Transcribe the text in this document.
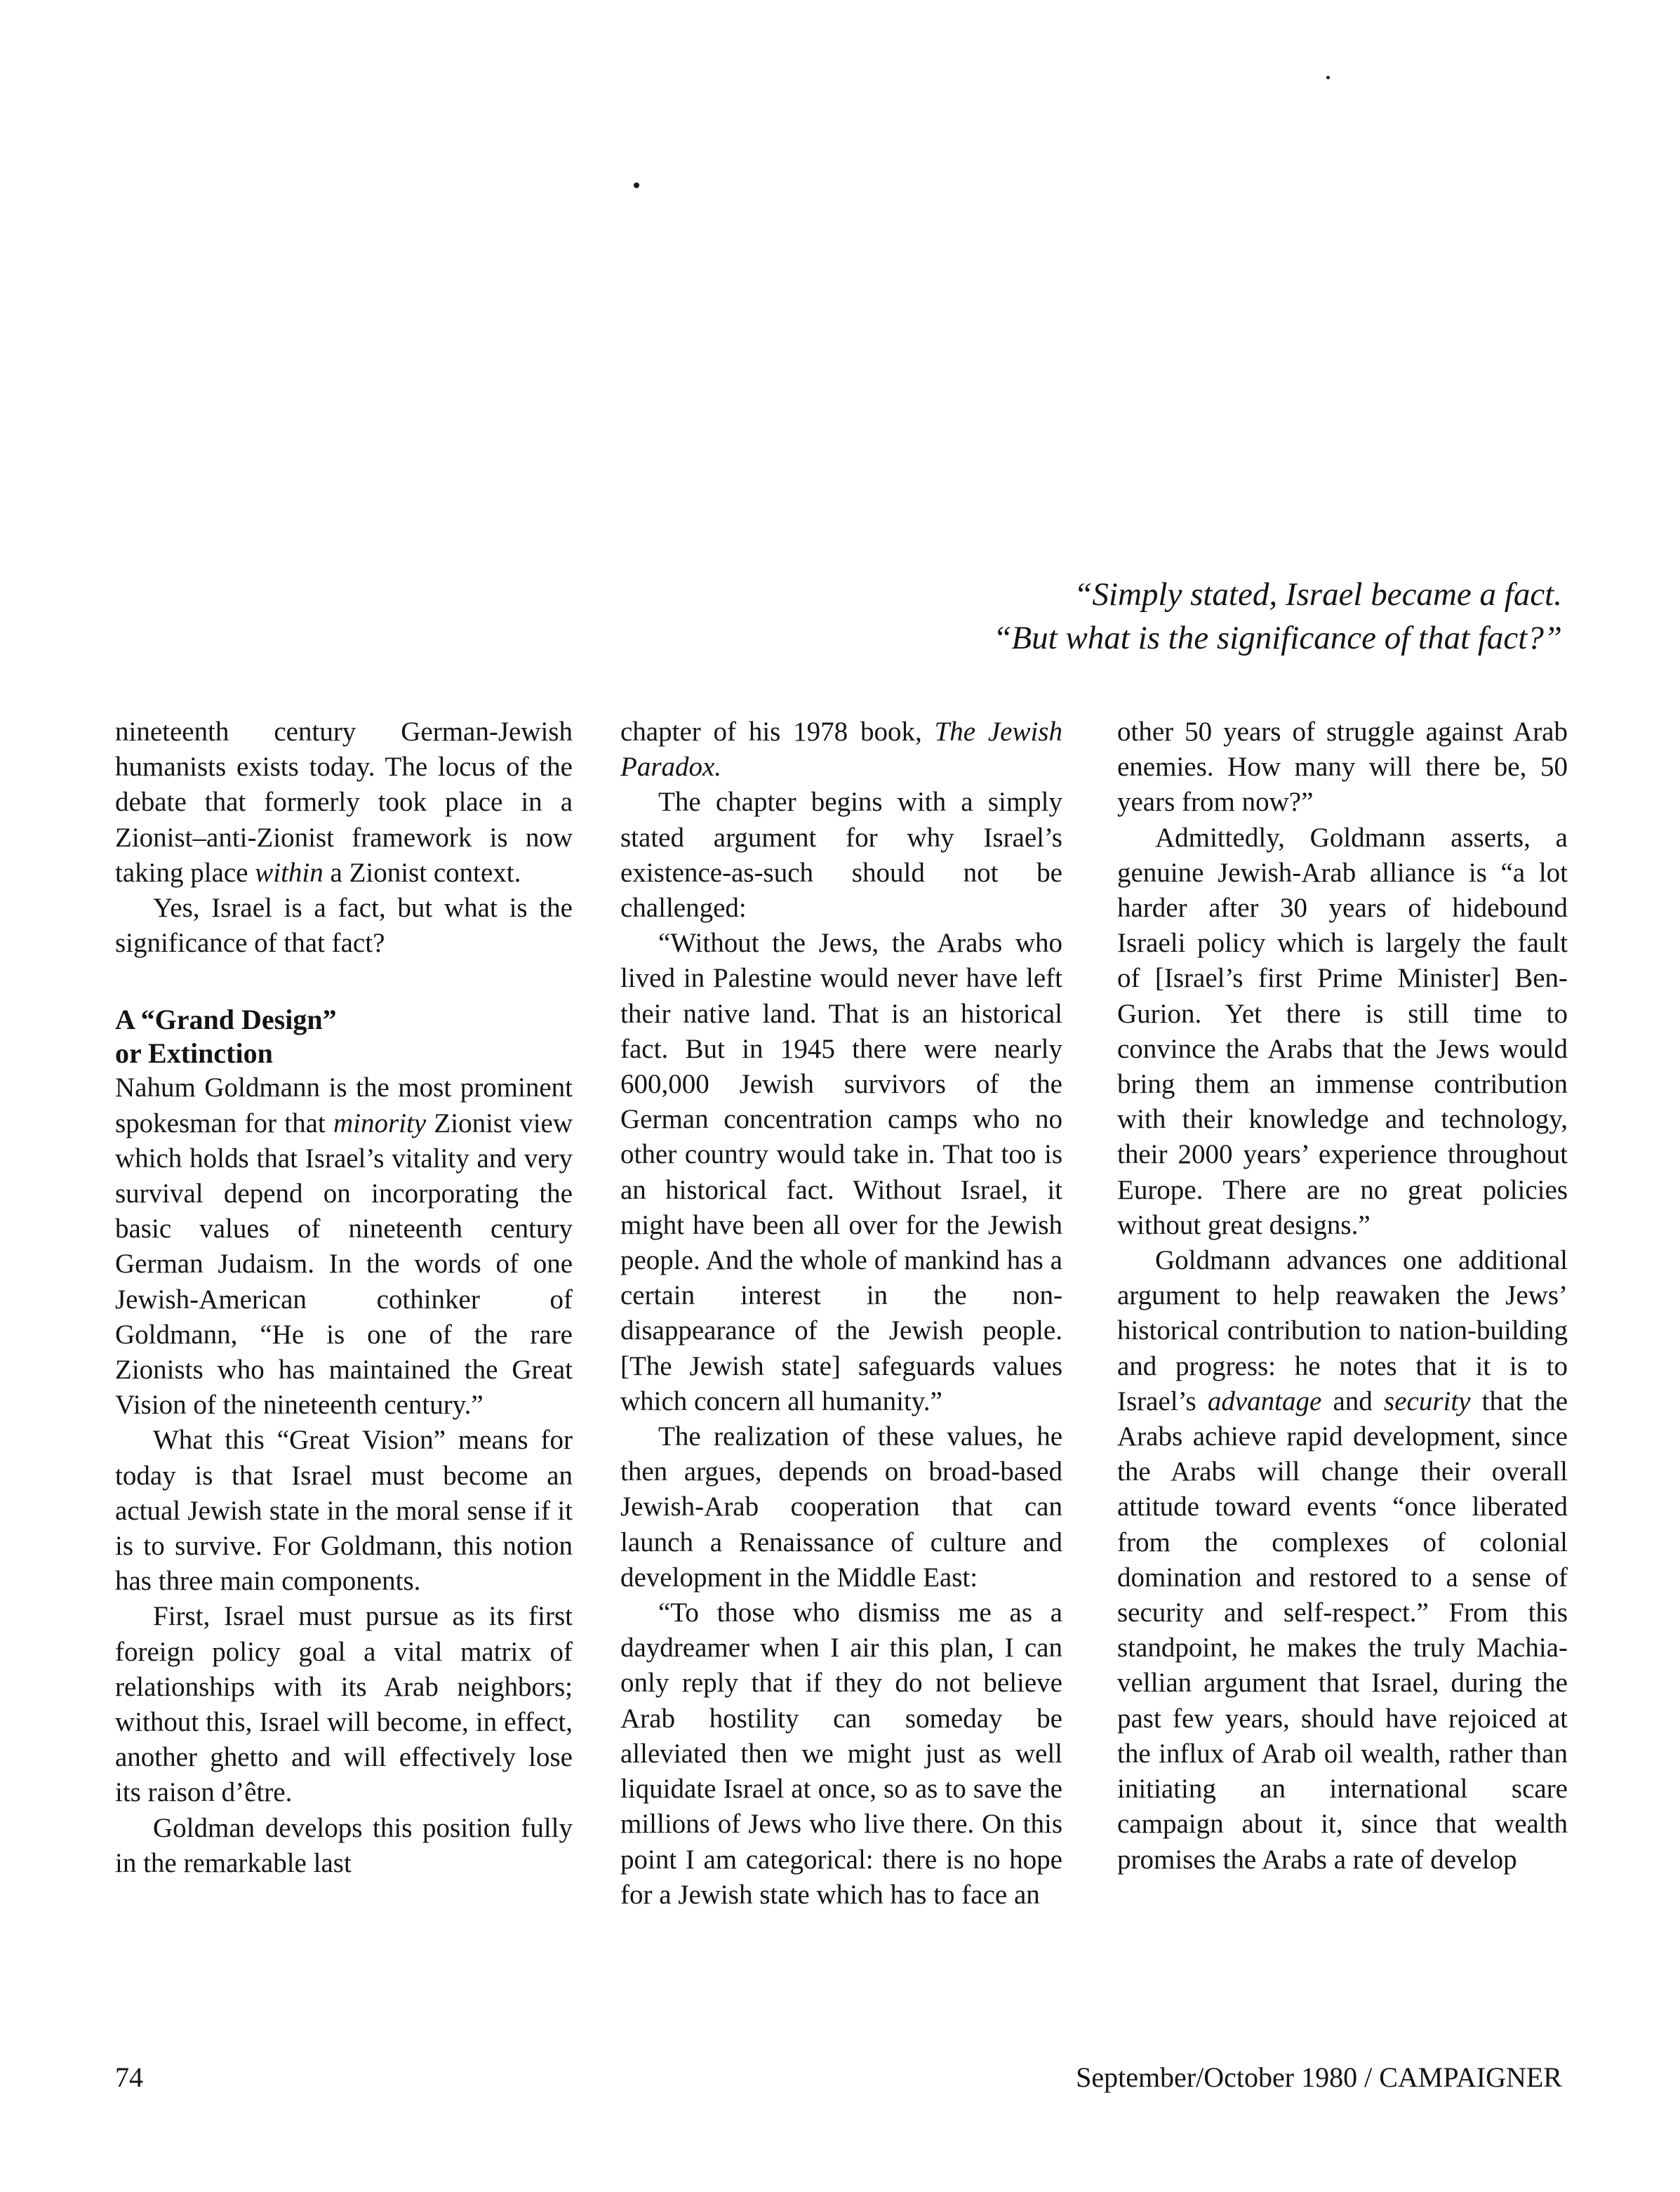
“Simply stated, Israel became a fact.
“But what is the significance of that fact?”

nineteenth century German-Jewish humanists exists today. The locus of the debate that formerly took place in a Zionist–anti-Zionist framework is now taking place within a Zionist context.

Yes, Israel is a fact, but what is the significance of that fact?

A “Grand Design”
or Extinction

Nahum Goldmann is the most prominent spokesman for that minority Zionist view which holds that Israel’s vitality and very survival depend on incorporating the basic values of nineteenth century German Judaism. In the words of one Jewish-American cothinker of Goldmann, “He is one of the rare Zionists who has maintained the Great Vision of the nineteenth century.”

What this “Great Vision” means for today is that Israel must become an actual Jewish state in the moral sense if it is to survive. For Goldmann, this notion has three main components.

First, Israel must pursue as its first foreign policy goal a vital matrix of relationships with its Arab neighbors; without this, Israel will become, in effect, another ghetto and will effectively lose its raison d’être.

Goldman develops this position fully in the remarkable last

chapter of his 1978 book, The Jewish Paradox.

The chapter begins with a simply stated argument for why Israel’s existence-as-such should not be challenged:

“Without the Jews, the Arabs who lived in Palestine would never have left their native land. That is an historical fact. But in 1945 there were nearly 600,000 Jewish survivors of the German concentration camps who no other country would take in. That too is an historical fact. Without Israel, it might have been all over for the Jewish people. And the whole of mankind has a certain interest in the non-disappearance of the Jewish people. [The Jewish state] safeguards values which concern all humanity.”

The realization of these values, he then argues, depends on broad-based Jewish-Arab cooperation that can launch a Renaissance of culture and development in the Middle East:

“To those who dismiss me as a daydreamer when I air this plan, I can only reply that if they do not believe Arab hostility can someday be alleviated then we might just as well liquidate Israel at once, so as to save the millions of Jews who live there. On this point I am categorical: there is no hope for a Jewish state which has to face an

other 50 years of struggle against Arab enemies. How many will there be, 50 years from now?”

Admittedly, Goldmann asserts, a genuine Jewish-Arab alliance is “a lot harder after 30 years of hidebound Israeli policy which is largely the fault of [Israel’s first Prime Minister] Ben-Gurion. Yet there is still time to convince the Arabs that the Jews would bring them an immense contribution with their knowledge and technology, their 2000 years’ experience throughout Europe. There are no great policies without great designs.”

Goldmann advances one additional argument to help reawaken the Jews’ historical contribution to nation-building and progress: he notes that it is to Israel’s advantage and security that the Arabs achieve rapid development, since the Arabs will change their overall attitude toward events “once liberated from the complexes of colonial domination and restored to a sense of security and self-respect.” From this standpoint, he makes the truly Machiavellian argument that Israel, during the past few years, should have rejoiced at the influx of Arab oil wealth, rather than initiating an international scare campaign about it, since that wealth promises the Arabs a rate of develop

74	September/October 1980 / CAMPAIGNER
